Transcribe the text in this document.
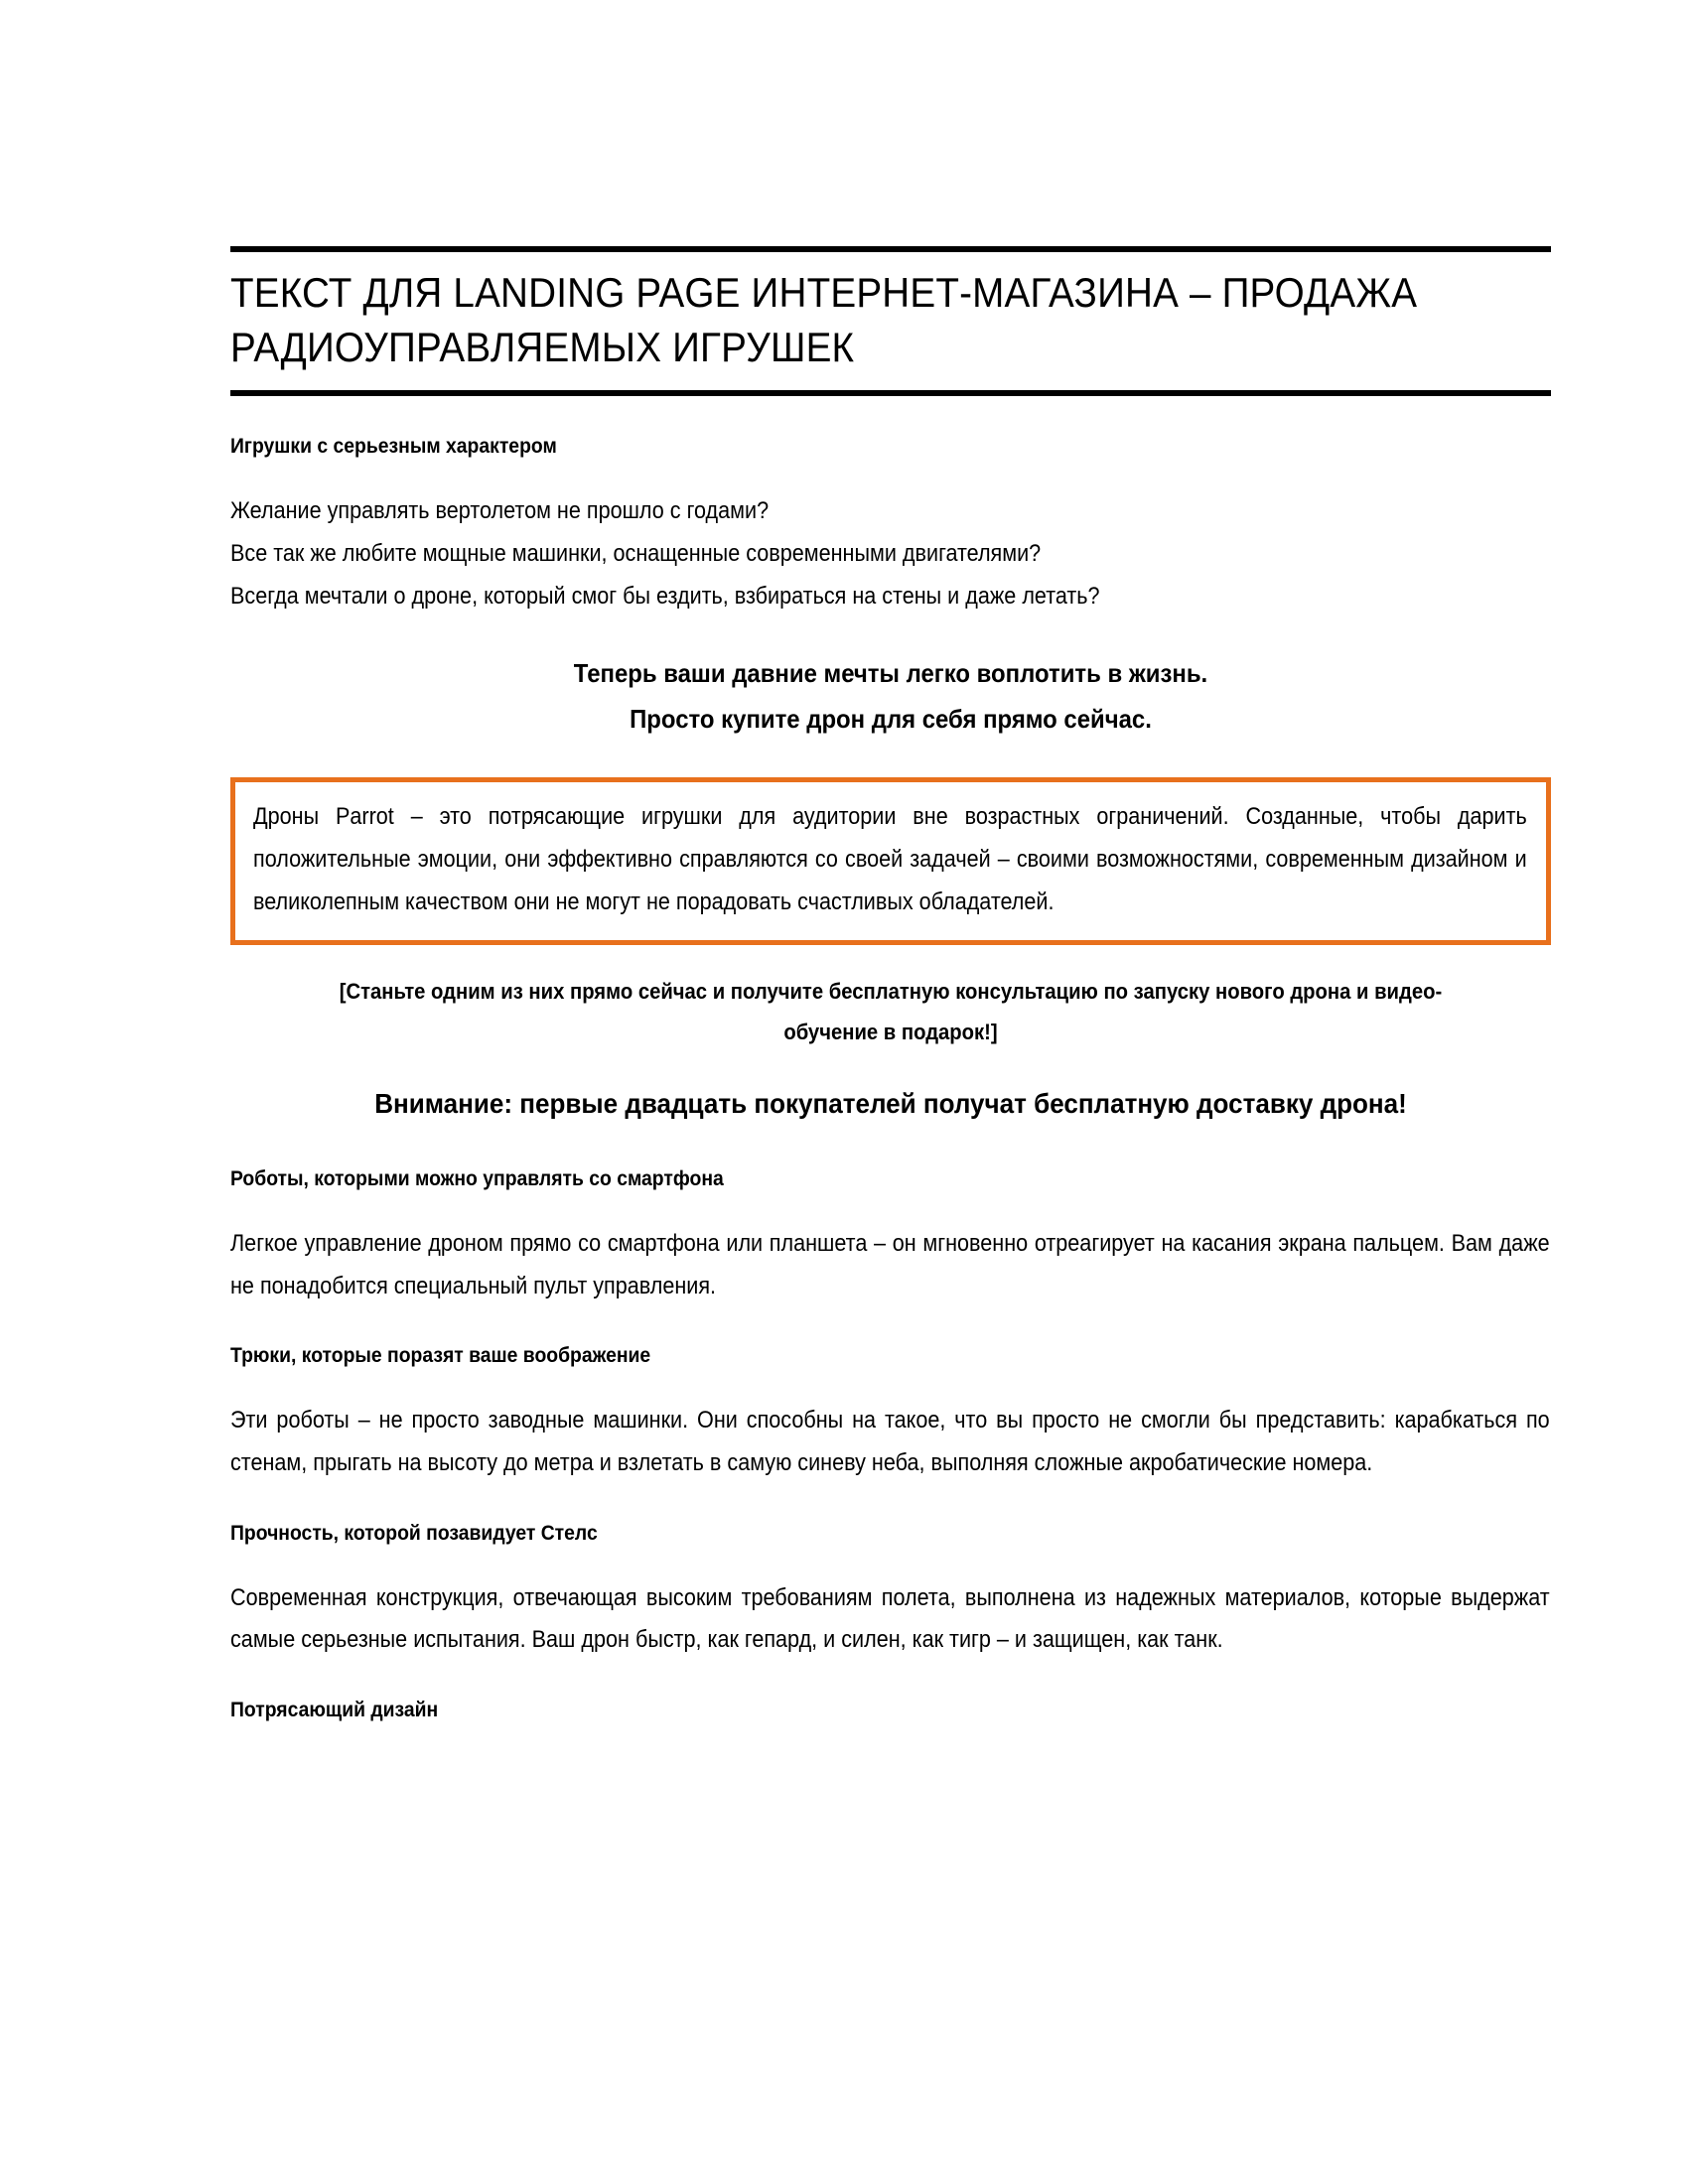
ТЕКСТ ДЛЯ LANDING PAGE ИНТЕРНЕТ-МАГАЗИНА – ПРОДАЖА РАДИОУПРАВЛЯЕМЫХ ИГРУШЕК
Игрушки с серьезным характером

Желание управлять вертолетом не прошло с годами?

Все так же любите мощные машинки, оснащенные современными двигателями?

Всегда мечтали о дроне, который смог бы ездить, взбираться на стены и даже летать?

Теперь ваши давние мечты легко воплотить в жизнь.

Просто купите дрон для себя прямо сейчас.

Дроны Parrot – это потрясающие игрушки для аудитории вне возрастных ограничений. Созданные, чтобы дарить положительные эмоции, они эффективно справляются со своей задачей – своими возможностями, современным дизайном и великолепным качеством они не могут не порадовать счастливых обладателей.

[Станьте одним из них прямо сейчас и получите бесплатную консультацию по запуску нового дрона и видео-обучение в подарок!]

Внимание: первые двадцать покупателей получат бесплатную доставку дрона!

Роботы, которыми можно управлять со смартфона

Легкое управление дроном прямо со смартфона или планшета – он мгновенно отреагирует на касания экрана пальцем. Вам даже не понадобится специальный пульт управления.

Трюки, которые поразят ваше воображение

Эти роботы – не просто заводные машинки. Они способны на такое, что вы просто не смогли бы представить: карабкаться по стенам, прыгать на высоту до метра и взлетать в самую синеву неба, выполняя сложные акробатические номера.

Прочность, которой позавидует Стелс

Современная конструкция, отвечающая высоким требованиям полета, выполнена из надежных материалов, которые выдержат самые серьезные испытания. Ваш дрон быстр, как гепард, и силен, как тигр – и защищен, как танк.

Потрясающий дизайн
